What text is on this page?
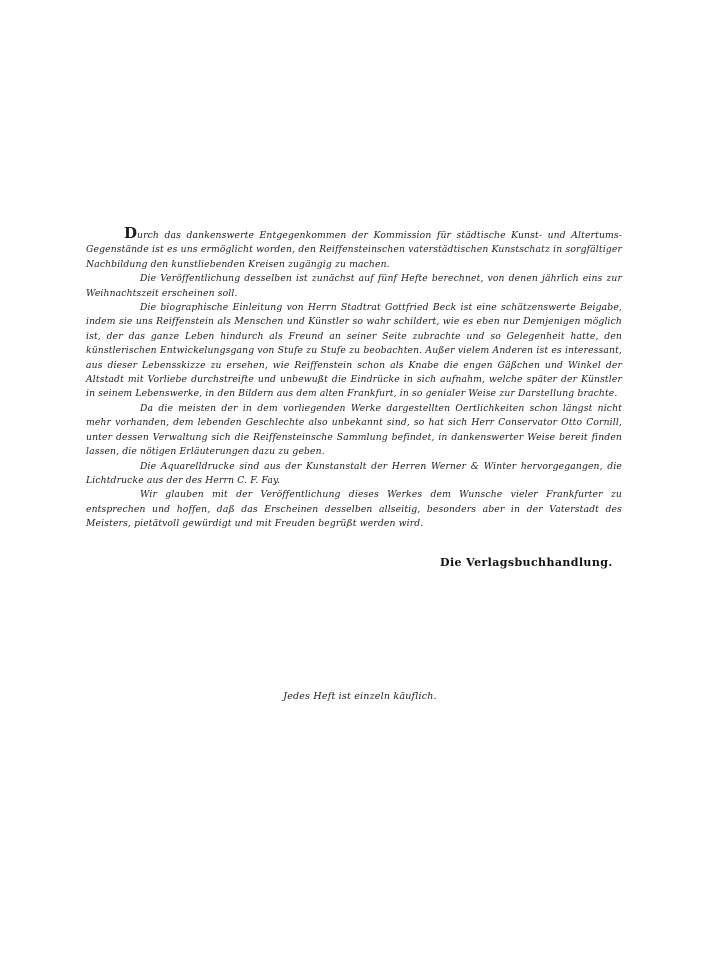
Durch das dankenswerte Entgegenkommen der Kommission für städtische Kunst- und Altertums-Gegenstände ist es uns ermöglicht worden, den Reiffensteinschen vaterstädtischen Kunstschatz in sorgfältiger Nachbildung den kunstliebenden Kreisen zugängig zu machen.

Die Veröffentlichung desselben ist zunächst auf fünf Hefte berechnet, von denen jährlich eins zur Weihnachtszeit erscheinen soll.

Die biographische Einleitung von Herrn Stadtrat Gottfried Beck ist eine schätzenswerte Beigabe, indem sie uns Reiffenstein als Menschen und Künstler so wahr schildert, wie es eben nur Demjenigen möglich ist, der das ganze Leben hindurch als Freund an seiner Seite zubrachte und so Gelegenheit hatte, den künstlerischen Entwickelungsgang von Stufe zu Stufe zu beobachten. Außer vielem Anderen ist es interessant, aus dieser Lebensskizze zu ersehen, wie Reiffenstein schon als Knabe die engen Gäßchen und Winkel der Altstadt mit Vorliebe durchstreifte und unbewußt die Eindrücke in sich aufnahm, welche später der Künstler in seinem Lebenswerke, in den Bildern aus dem alten Frankfurt, in so genialer Weise zur Darstellung brachte.

Da die meisten der in dem vorliegenden Werke dargestellten Oertlichkeiten schon längst nicht mehr vorhanden, dem lebenden Geschlechte also unbekannt sind, so hat sich Herr Conservator Otto Cornill, unter dessen Verwaltung sich die Reiffensteinsche Sammlung befindet, in dankenswerter Weise bereit finden lassen, die nötigen Erläuterungen dazu zu geben.

Die Aquarelldrucke sind aus der Kunstanstalt der Herren Werner & Winter hervorgegangen, die Lichtdrucke aus der des Herrn C. F. Fay.

Wir glauben mit der Veröffentlichung dieses Werkes dem Wunsche vieler Frankfurter zu entsprechen und hoffen, daß das Erscheinen desselben allseitig, besonders aber in der Vaterstadt des Meisters, pietätvoll gewürdigt und mit Freuden begrüßt werden wird.

Die Verlagsbuchhandlung.
Jedes Heft ist einzeln käuflich.
